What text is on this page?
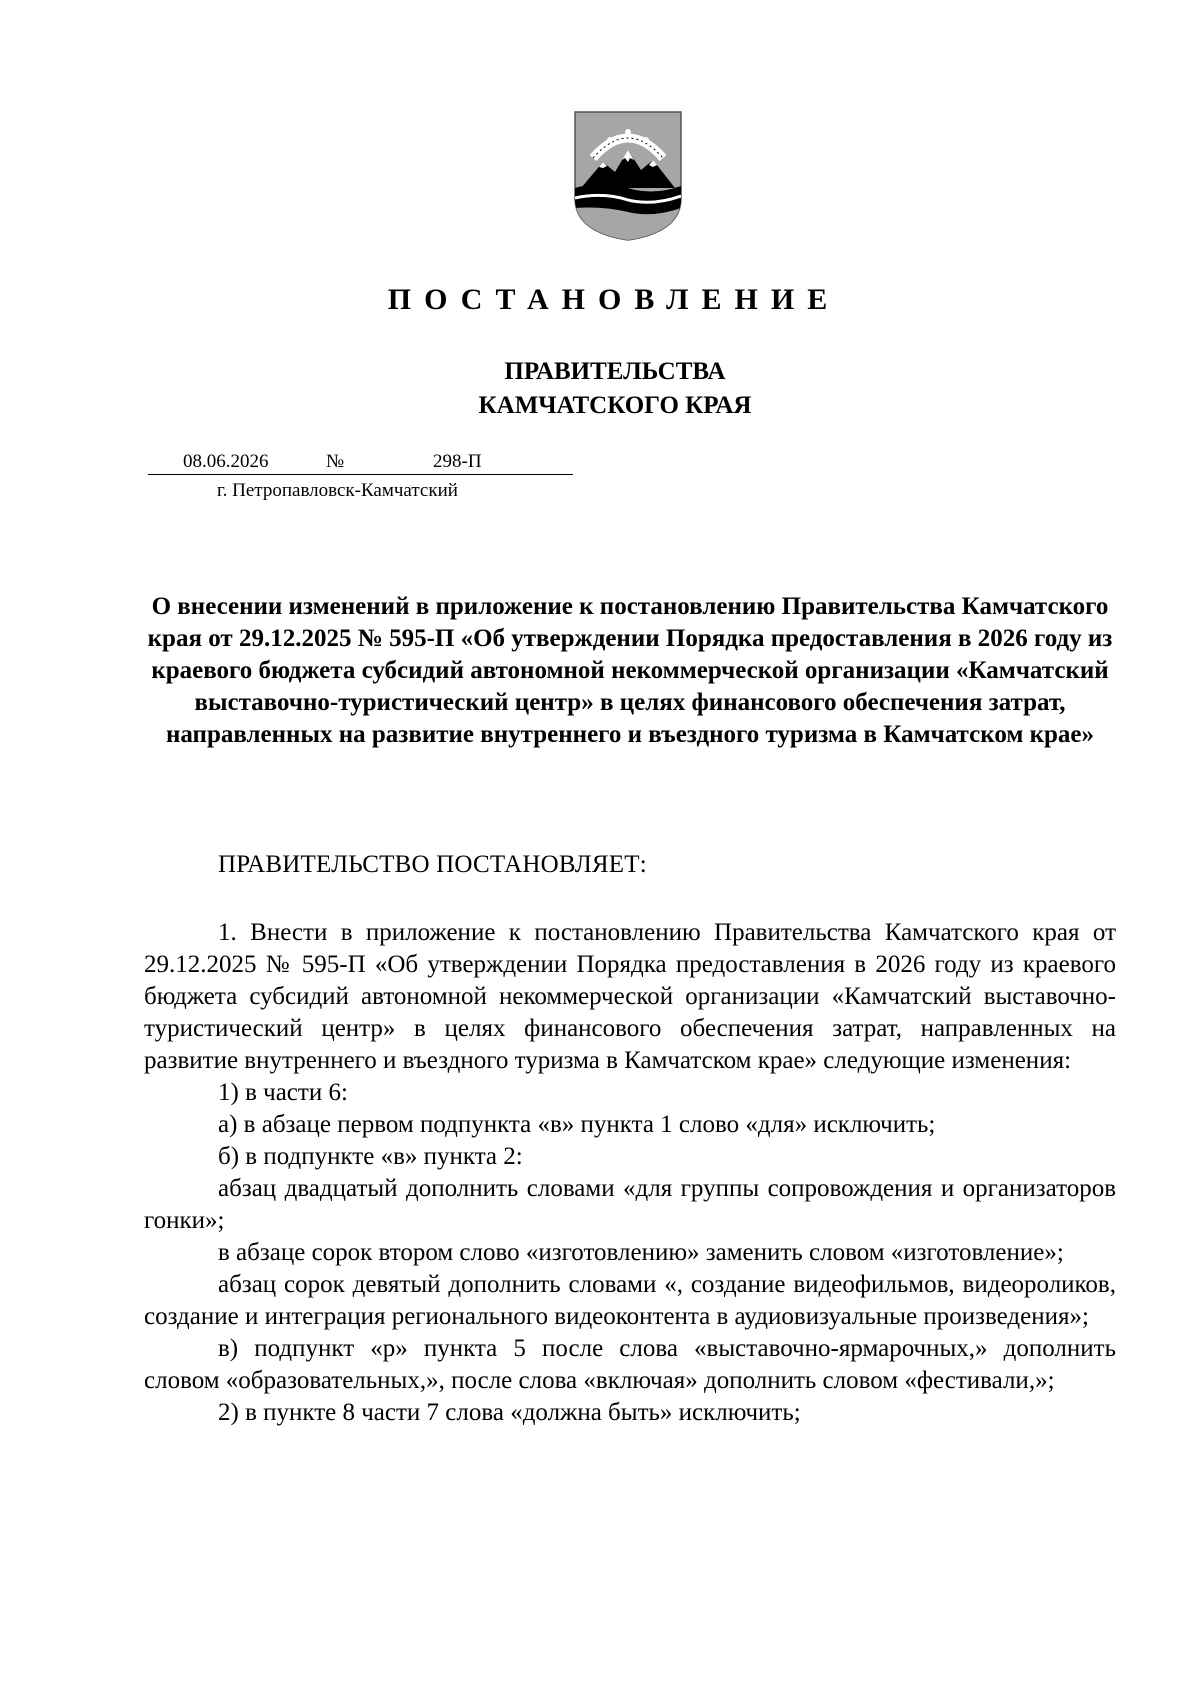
ПОСТАНОВЛЕНИЕ
ПРАВИТЕЛЬСТВА
КАМЧАТСКОГО КРАЯ
08.06.2026	№	298-П
г. Петропавловск-Камчатский
О внесении изменений в приложение к постановлению Правительства Камчатского края от 29.12.2025 № 595-П «Об утверждении Порядка предоставления в 2026 году из краевого бюджета субсидий автономной некоммерческой организации «Камчатский выставочно-туристический центр» в целях финансового обеспечения затрат, направленных на развитие внутреннего и въездного туризма в Камчатском крае»
ПРАВИТЕЛЬСТВО ПОСТАНОВЛЯЕТ:

1. Внести в приложение к постановлению Правительства Камчатского края от 29.12.2025 № 595-П «Об утверждении Порядка предоставления в 2026 году из краевого бюджета субсидий автономной некоммерческой организации «Камчатский выставочно-туристический центр» в целях финансового обеспечения затрат, направленных на развитие внутреннего и въездного туризма в Камчатском крае» следующие изменения:

1) в части 6:

а) в абзаце первом подпункта «в» пункта 1 слово «для» исключить;

б) в подпункте «в» пункта 2:

абзац двадцатый дополнить словами «для группы сопровождения и организаторов гонки»;

в абзаце сорок втором слово «изготовлению» заменить словом «изготовление»;

абзац сорок девятый дополнить словами «, создание видеофильмов, видеороликов, создание и интеграция регионального видеоконтента в аудиовизуальные произведения»;

в) подпункт «р» пункта 5 после слова «выставочно-ярмарочных,» дополнить словом «образовательных,», после слова «включая» дополнить словом «фестивали,»;

2) в пункте 8 части 7 слова «должна быть» исключить;
